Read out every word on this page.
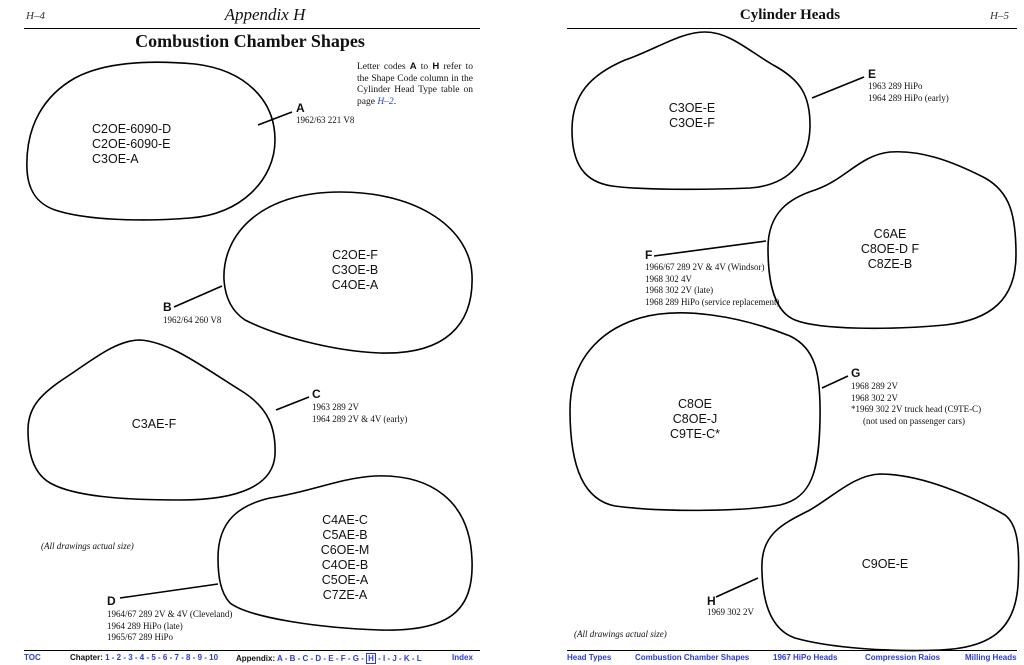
H–4	Appendix H
Combustion Chamber Shapes
Letter codes A to H refer to the Shape Code column in the Cylinder Head Type table on page H–2.
C2OE-6090-D
C2OE-6090-E
C3OE-A
A
1962/63 221 V8
C2OE-F
C3OE-B
C4OE-A
B
1962/64 260 V8
C3AE-F
C
1963 289 2V
1964 289 2V & 4V (early)
(All drawings actual size)
C4AE-C
C5AE-B
C6OE-M
C4OE-B
C5OE-A
C7ZE-A
D
1964/67 289 2V & 4V (Cleveland)
1964 289 HiPo (late)
1965/67 289 HiPo
TOC	Chapter: 1 - 2 - 3 - 4 - 5 - 6 - 7 - 8 - 9 - 10 Appendix: A - B - C - D - E - F - G - H - I - J - K - L	Index
Cylinder Heads	H–5
C3OE-E
C3OE-F
E
1963 289 HiPo
1964 289 HiPo (early)
C6AE
C8OE-D F
C8ZE-B
F
1966/67 289 2V & 4V (Windsor)
1968 302 4V
1968 302 2V (late)
1968 289 HiPo (service replacement)
C8OE
C8OE-J
C9TE-C*
G
1968 289 2V
1968 302 2V
*1969 302 2V truck head (C9TE-C)
(not used on passenger cars)
C9OE-E
H
1969 302 2V
(All drawings actual size)
Head Types	Combustion Chamber Shapes	1967 HiPo Heads	Compression Raios	Milling Heads
